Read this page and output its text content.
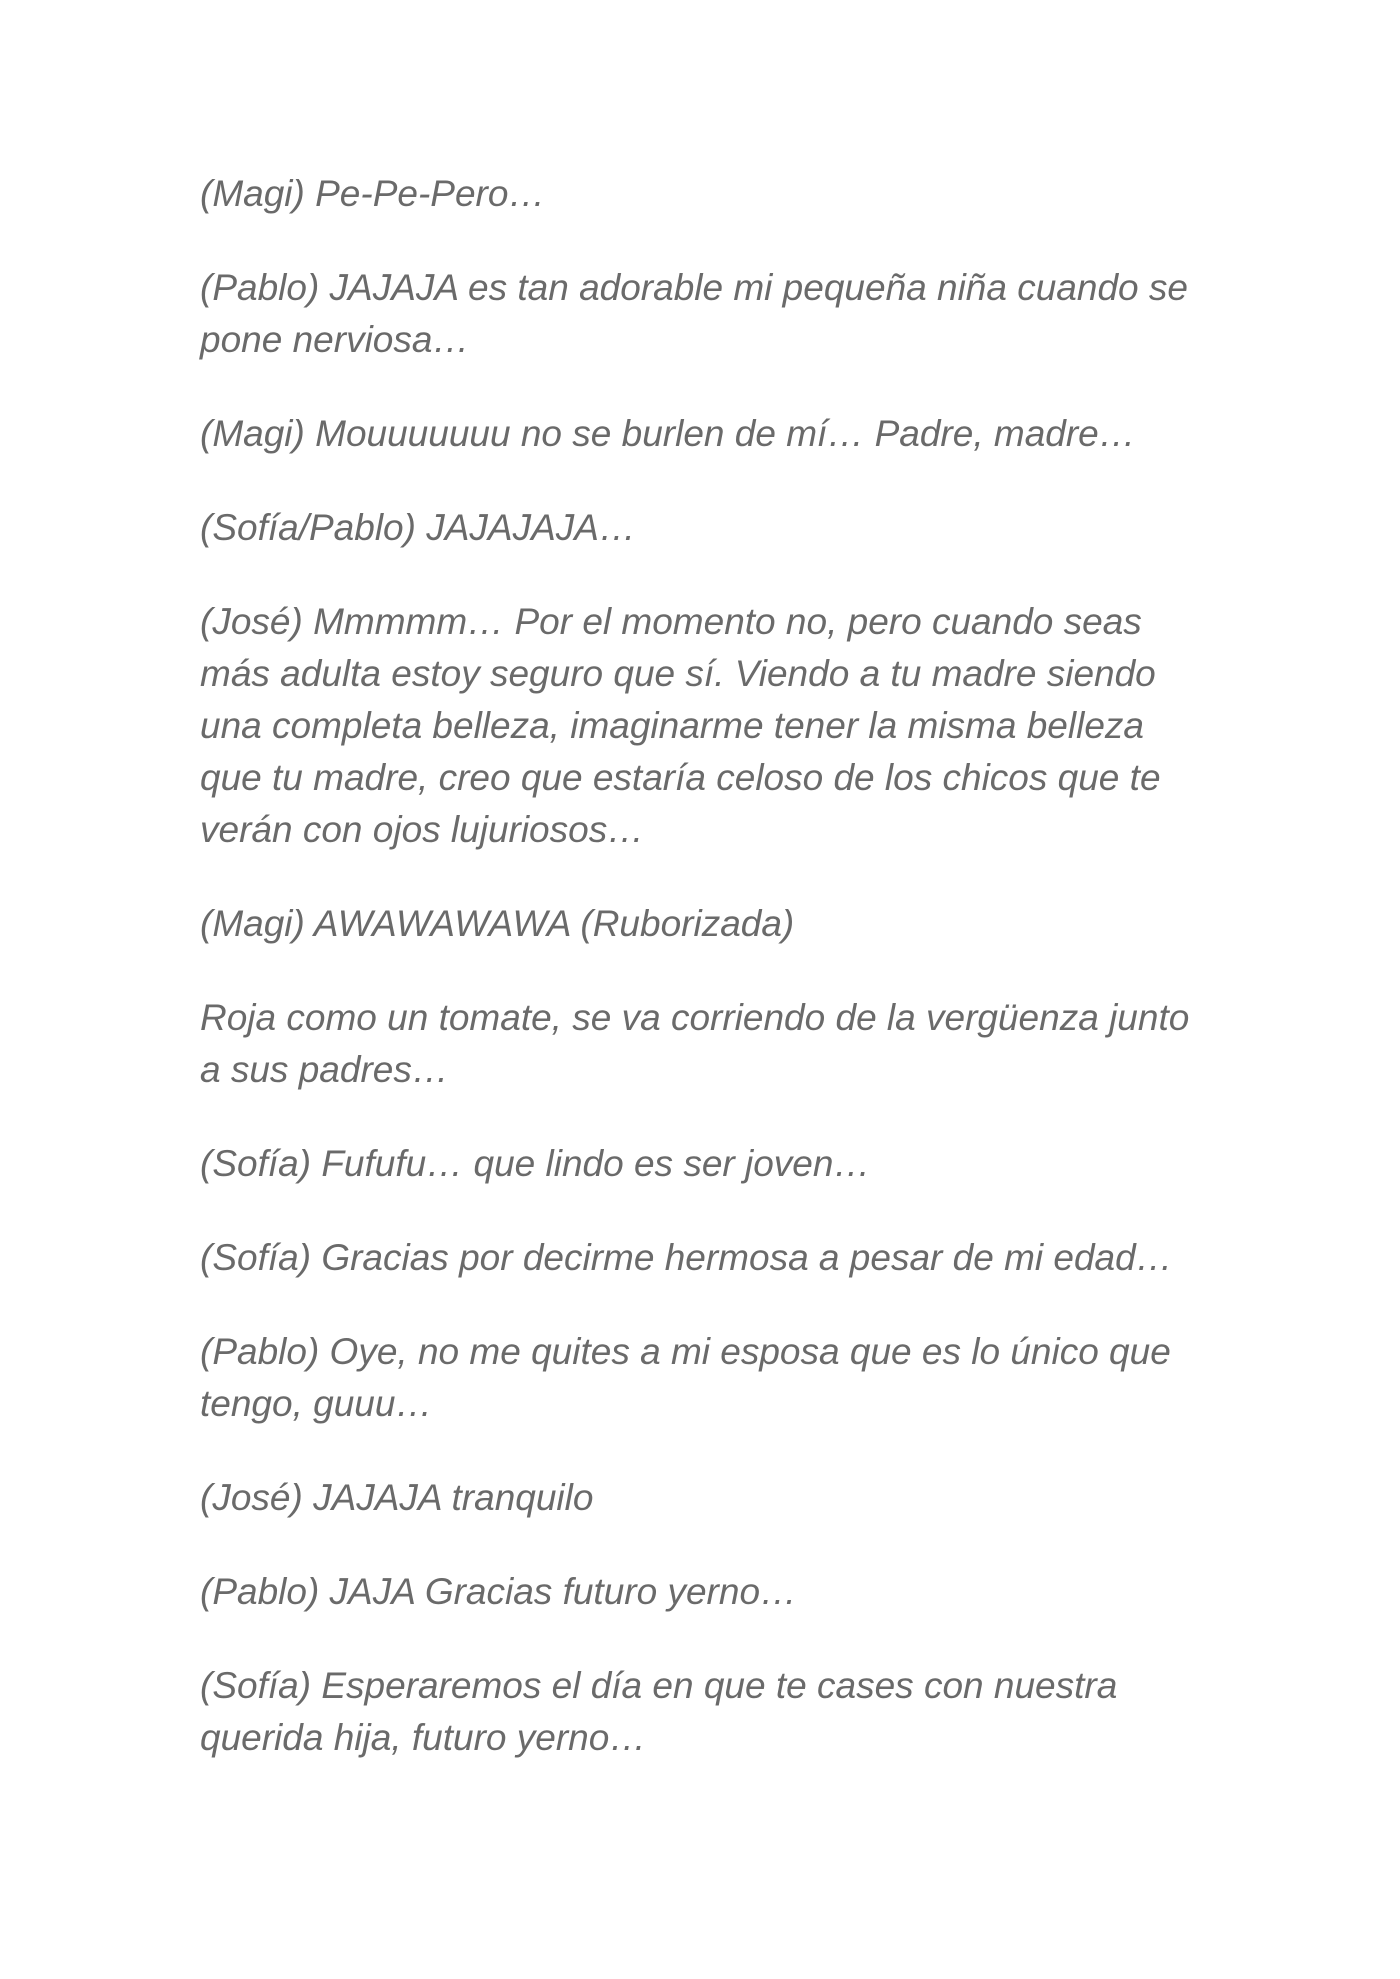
(Magi) Pe-Pe-Pero…

(Pablo) JAJAJA es tan adorable mi pequeña niña cuando se pone nerviosa…

(Magi) Mouuuuuuu no se burlen de mí… Padre, madre…

(Sofía/Pablo) JAJAJAJA…

(José) Mmmmm… Por el momento no, pero cuando seas más adulta estoy seguro que sí. Viendo a tu madre siendo una completa belleza, imaginarme tener la misma belleza que tu madre, creo que estaría celoso de los chicos que te verán con ojos lujuriosos…

(Magi) AWAWAWAWA (Ruborizada)

Roja como un tomate, se va corriendo de la vergüenza junto a sus padres…

(Sofía) Fufufu… que lindo es ser joven…

(Sofía) Gracias por decirme hermosa a pesar de mi edad…

(Pablo) Oye, no me quites a mi esposa que es lo único que tengo, guuu…

(José) JAJAJA tranquilo

(Pablo) JAJA Gracias futuro yerno…

(Sofía) Esperaremos el día en que te cases con nuestra querida hija, futuro yerno…
